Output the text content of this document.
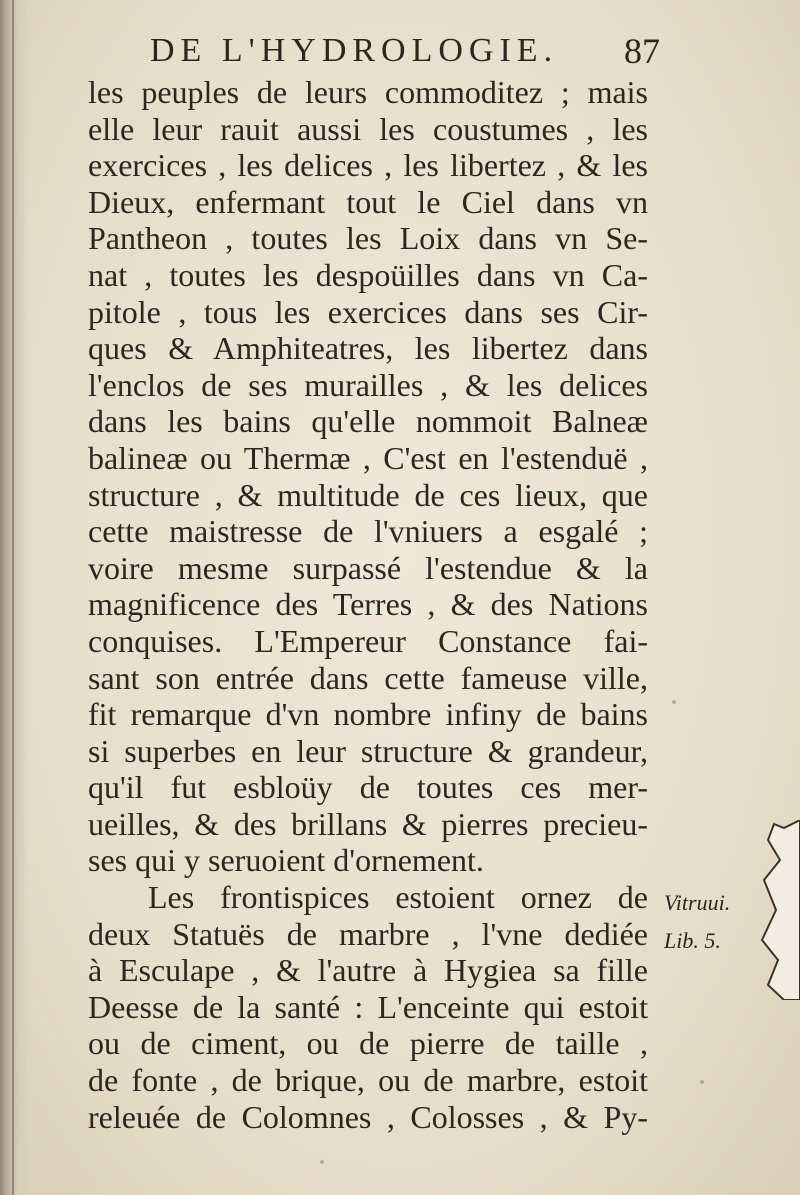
DE L'HYDROLOGIE. 87
les peuples de leurs commoditez ; mais
elle leur rauit aussi les coustumes , les
exercices , les delices , les libertez , & les
Dieux, enfermant tout le Ciel dans vn
Pantheon , toutes les Loix dans vn Se-
nat , toutes les despoüilles dans vn Ca-
pitole , tous les exercices dans ses Cir-
ques & Amphiteatres, les libertez dans
l'enclos de ses murailles , & les delices
dans les bains qu'elle nommoit Balneæ
balineæ ou Thermæ , C'est en l'estenduë ,
structure , & multitude de ces lieux, que
cette maistresse de l'vniuers a esgalé ;
voire mesme surpassé l'estendue & la
magnificence des Terres , & des Nations
conquises. L'Empereur Constance fai-
sant son entrée dans cette fameuse ville,
fit remarque d'vn nombre infiny de bains
si superbes en leur structure & grandeur,
qu'il fut esbloüy de toutes ces mer-
ueilles, & des brillans & pierres precieu-
ses qui y seruoient d'ornement.
Les frontispices estoient ornez de
deux Statuës de marbre , l'vne dediée
à Esculape , & l'autre à Hygiea sa fille
Deesse de la santé : L'enceinte qui estoit
ou de ciment, ou de pierre de taille ,
de fonte , de brique, ou de marbre, estoit
releuée de Colomnes , Colosses , & Py-
Vitruui.
Lib. 5.
